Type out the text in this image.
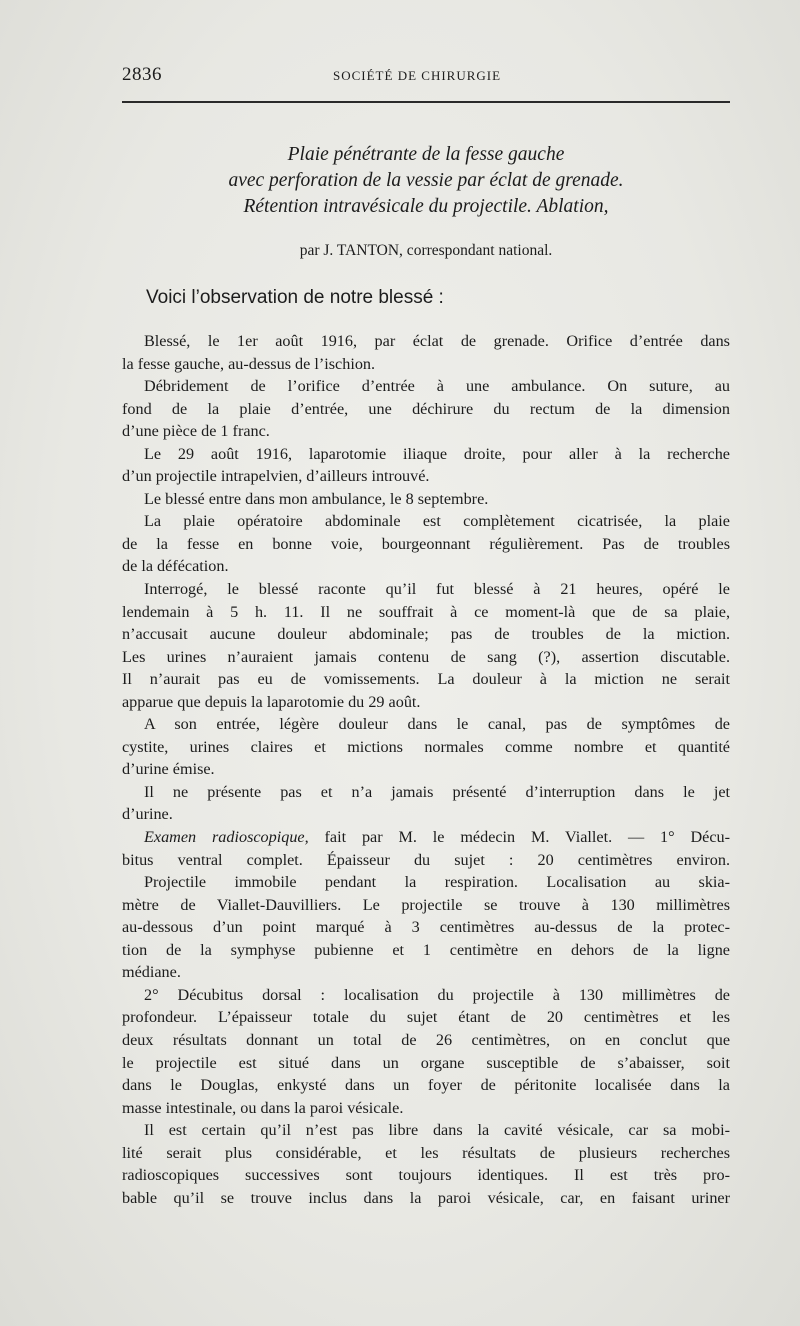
2836	SOCIÉTÉ DE CHIRURGIE
Plaie pénétrante de la fesse gauche
avec perforation de la vessie par éclat de grenade.
Rétention intravésicale du projectile. Ablation,
par J. TANTON, correspondant national.
Voici l’observation de notre blessé :
Blessé, le 1er août 1916, par éclat de grenade. Orifice d’entrée dans
la fesse gauche, au-dessus de l’ischion.
Débridement de l’orifice d’entrée à une ambulance. On suture, au
fond de la plaie d’entrée, une déchirure du rectum de la dimension
d’une pièce de 1 franc.
Le 29 août 1916, laparotomie iliaque droite, pour aller à la recherche
d’un projectile intrapelvien, d’ailleurs introuvé.
Le blessé entre dans mon ambulance, le 8 septembre.
La plaie opératoire abdominale est complètement cicatrisée, la plaie
de la fesse en bonne voie, bourgeonnant régulièrement. Pas de troubles
de la défécation.
Interrogé, le blessé raconte qu’il fut blessé à 21 heures, opéré le
lendemain à 5 h. 11. Il ne souffrait à ce moment-là que de sa plaie,
n’accusait aucune douleur abdominale; pas de troubles de la miction.
Les urines n’auraient jamais contenu de sang (?), assertion discutable.
Il n’aurait pas eu de vomissements. La douleur à la miction ne serait
apparue que depuis la laparotomie du 29 août.
A son entrée, légère douleur dans le canal, pas de symptômes de
cystite, urines claires et mictions normales comme nombre et quantité
d’urine émise.
Il ne présente pas et n’a jamais présenté d’interruption dans le jet
d’urine.
Examen radioscopique, fait par M. le médecin M. Viallet. — 1° Décu-
bitus ventral complet. Épaisseur du sujet : 20 centimètres environ.
Projectile immobile pendant la respiration. Localisation au skia-
mètre de Viallet-Dauvilliers. Le projectile se trouve à 130 millimètres
au-dessous d’un point marqué à 3 centimètres au-dessus de la protec-
tion de la symphyse pubienne et 1 centimètre en dehors de la ligne
médiane.
2° Décubitus dorsal : localisation du projectile à 130 millimètres de
profondeur. L’épaisseur totale du sujet étant de 20 centimètres et les
deux résultats donnant un total de 26 centimètres, on en conclut que
le projectile est situé dans un organe susceptible de s’abaisser, soit
dans le Douglas, enkysté dans un foyer de péritonite localisée dans la
masse intestinale, ou dans la paroi vésicale.
Il est certain qu’il n’est pas libre dans la cavité vésicale, car sa mobi-
lité serait plus considérable, et les résultats de plusieurs recherches
radioscopiques successives sont toujours identiques. Il est très pro-
bable qu’il se trouve inclus dans la paroi vésicale, car, en faisant uriner
